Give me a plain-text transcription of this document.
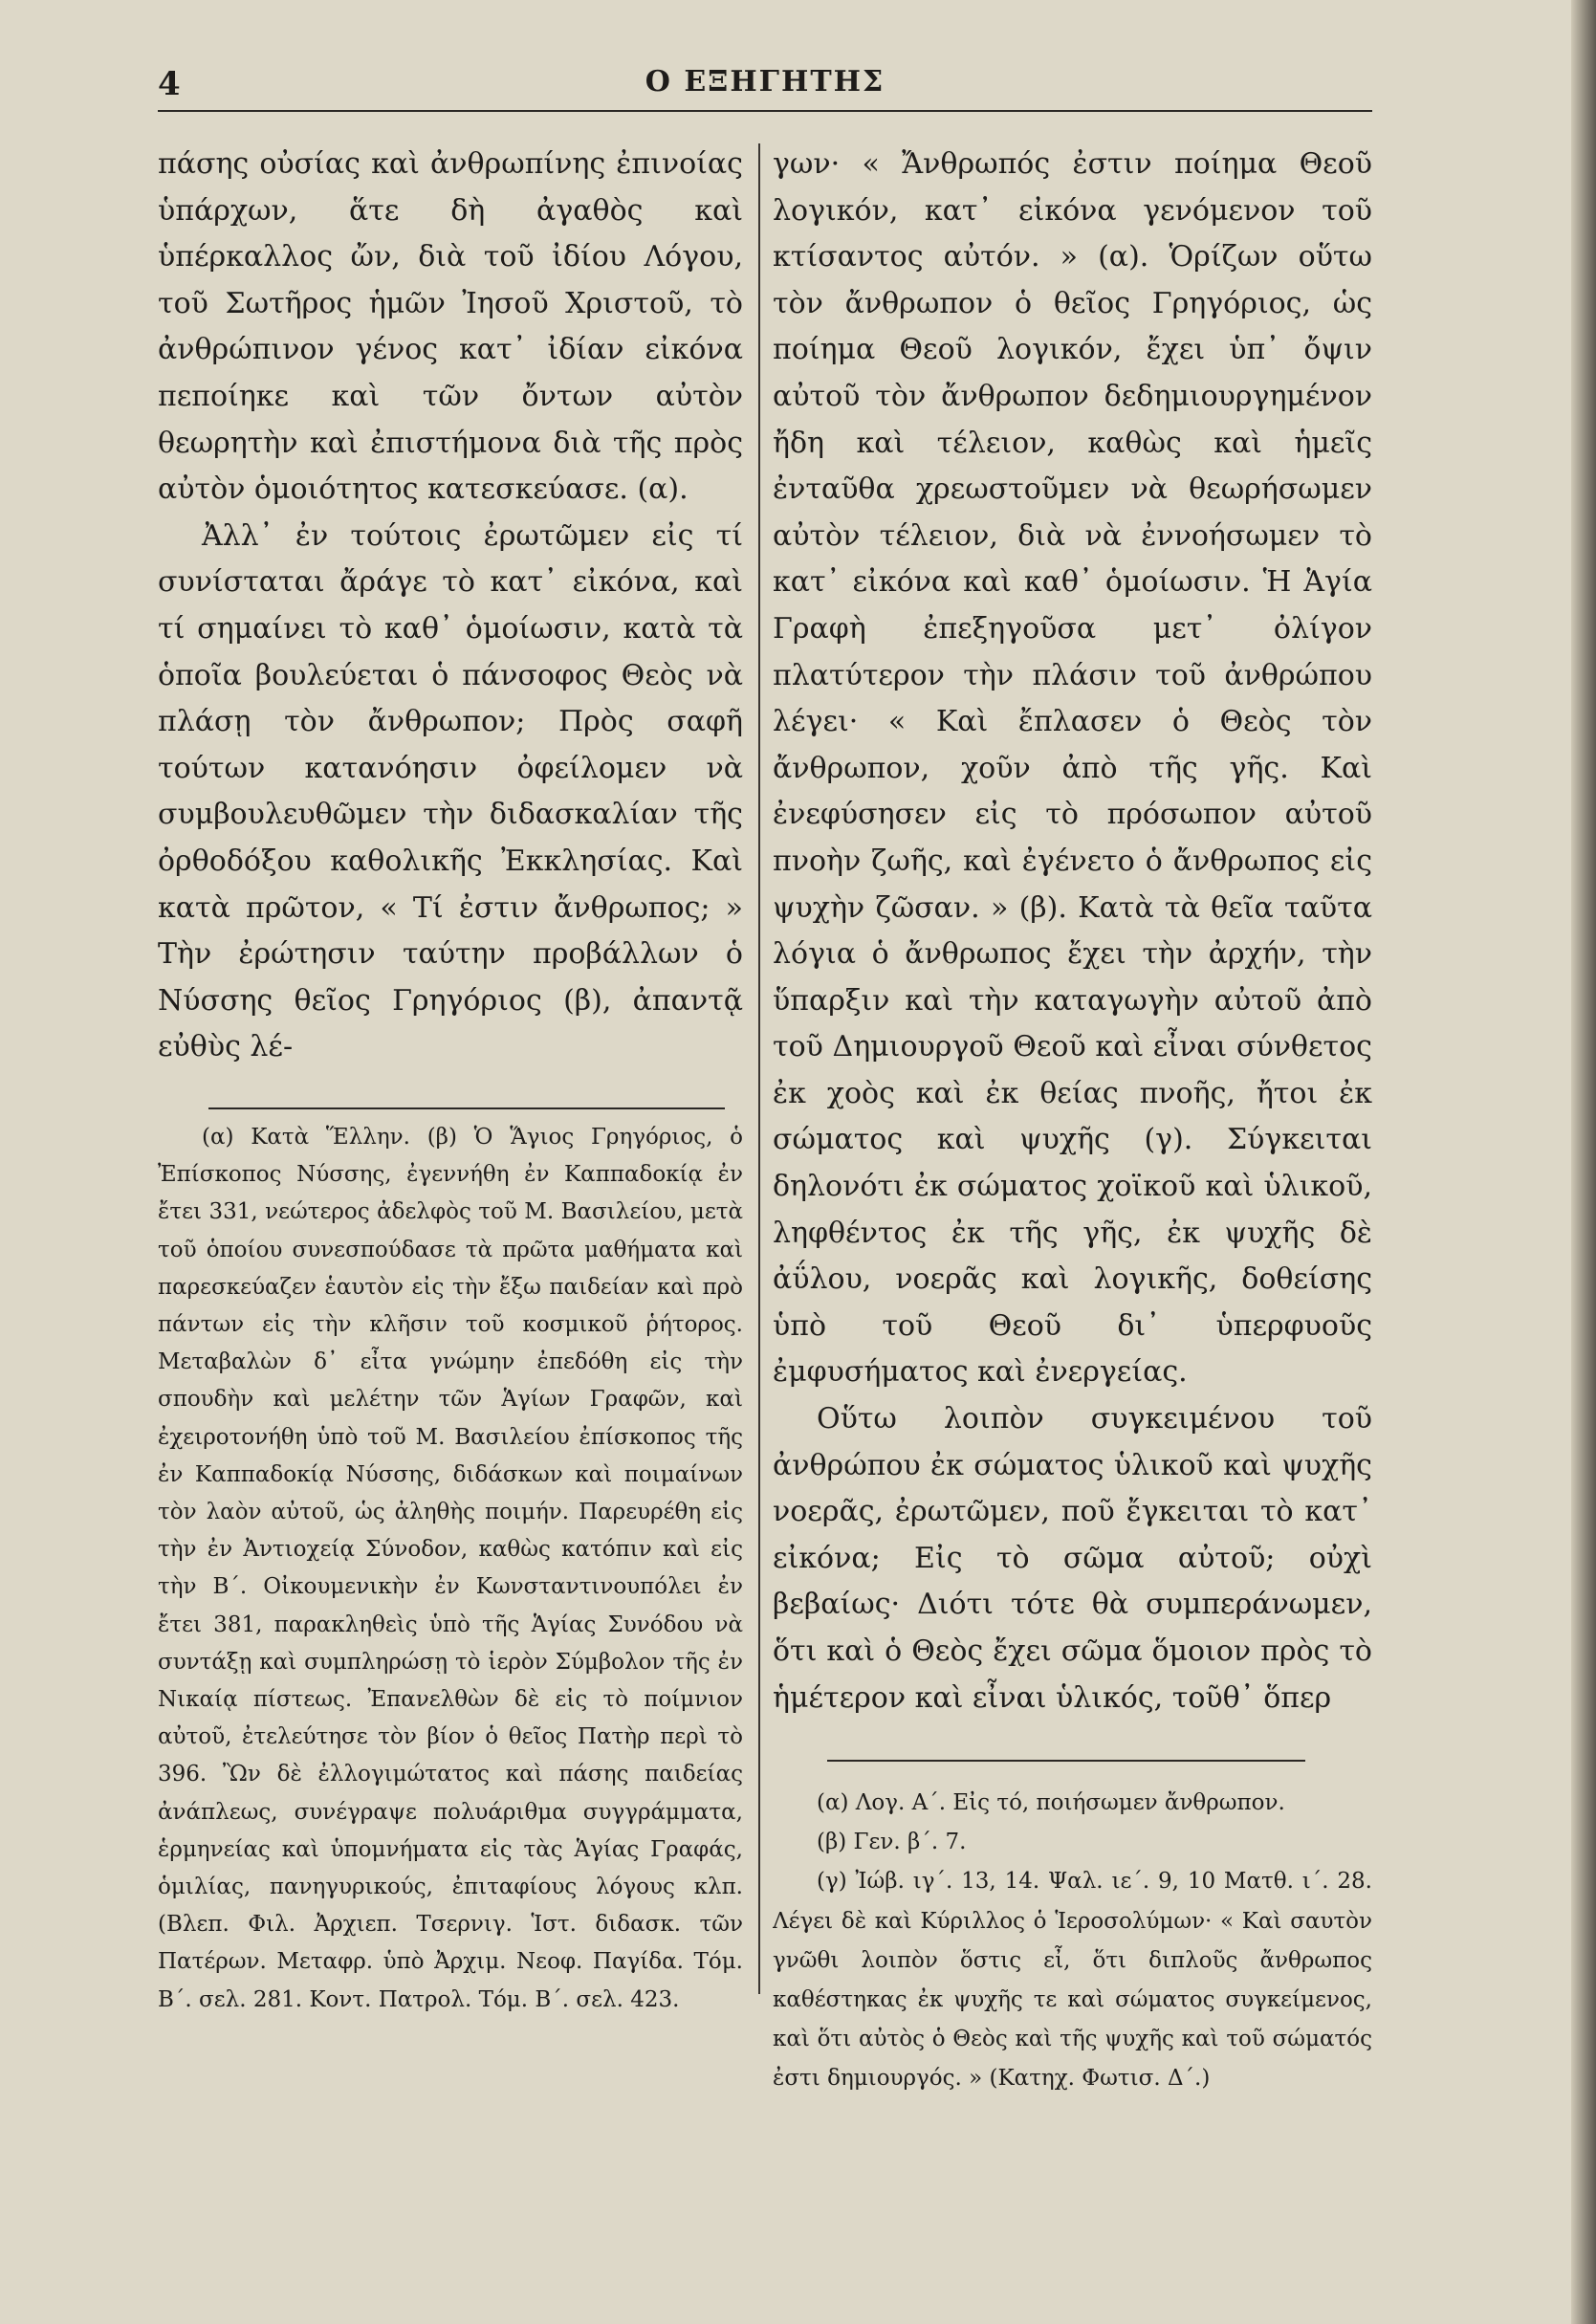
4	Ο ΕΞΗΓΗΤΗΣ

πάσης οὐσίας καὶ ἀνθρωπίνης ἐπινοίας ὑπάρχων, ἅτε δὴ ἀγαθὸς καὶ ὑπέρκαλλος ὤν, διὰ τοῦ ἰδίου Λόγου, τοῦ Σωτῆρος ἡμῶν Ἰησοῦ Χριστοῦ, τὸ ἀνθρώπινον γένος κατ᾽ ἰδίαν εἰκόνα πεποίηκε καὶ τῶν ὄντων αὐτὸν θεωρητὴν καὶ ἐπιστήμονα διὰ τῆς πρὸς αὐτὸν ὁμοιότητος κατεσκεύασε. (α).

Ἀλλ᾽ ἐν τούτοις ἐρωτῶμεν εἰς τί συνίσταται ἄράγε τὸ κατ᾽ εἰκόνα, καὶ τί σημαίνει τὸ καθ᾽ ὁμοίωσιν, κατὰ τὰ ὁποῖα βουλεύεται ὁ πάνσοφος Θεὸς νὰ πλάσῃ τὸν ἄνθρωπον; Πρὸς σαφῆ τούτων κατανόησιν ὀφείλομεν νὰ συμβουλευθῶμεν τὴν διδασκαλίαν τῆς ὀρθοδόξου καθολικῆς Ἐκκλησίας. Καὶ κατὰ πρῶτον, « Τί ἐστιν ἄνθρωπος; » Τὴν ἐρώτησιν ταύτην προβάλλων ὁ Νύσσης θεῖος Γρηγόριος (β), ἀπαντᾷ εὐθὺς λέ-

(α) Κατὰ Ἕλλην. (β) Ὁ Ἅγιος Γρηγόριος, ὁ Ἐπίσκοπος Νύσσης, ἐγεννήθη ἐν Καππαδοκίᾳ ἐν ἔτει 331, νεώτερος ἀδελφὸς τοῦ Μ. Βασιλείου, μετὰ τοῦ ὁποίου συνεσπούδασε τὰ πρῶτα μαθήματα καὶ παρεσκεύαζεν ἑαυτὸν εἰς τὴν ἔξω παιδείαν καὶ πρὸ πάντων εἰς τὴν κλῆσιν τοῦ κοσμικοῦ ῥήτορος. Μεταβαλὼν δ᾽ εἶτα γνώμην ἐπεδόθη εἰς τὴν σπουδὴν καὶ μελέτην τῶν Ἁγίων Γραφῶν, καὶ ἐχειροτονήθη ὑπὸ τοῦ Μ. Βασιλείου ἐπίσκοπος τῆς ἐν Καππαδοκίᾳ Νύσσης, διδάσκων καὶ ποιμαίνων τὸν λαὸν αὐτοῦ, ὡς ἀληθὴς ποιμήν. Παρευρέθη εἰς τὴν ἐν Ἀντιοχείᾳ Σύνοδον, καθὼς κατόπιν καὶ εἰς τὴν Β΄. Οἰκουμενικὴν ἐν Κωνσταντινουπόλει ἐν ἔτει 381, παρακληθεὶς ὑπὸ τῆς Ἁγίας Συνόδου νὰ συντάξῃ καὶ συμπληρώσῃ τὸ ἱερὸν Σύμβολον τῆς ἐν Νικαίᾳ πίστεως. Ἐπανελθὼν δὲ εἰς τὸ ποίμνιον αὐτοῦ, ἐτελεύτησε τὸν βίον ὁ θεῖος Πατὴρ περὶ τὸ 396. Ὢν δὲ ἐλλογιμώτατος καὶ πάσης παιδείας ἀνάπλεως, συνέγραψε πολυάριθμα συγγράμματα, ἑρμηνείας καὶ ὑπομνήματα εἰς τὰς Ἁγίας Γραφάς, ὁμιλίας, πανηγυρικούς, ἐπιταφίους λόγους κλπ. (Βλεπ. Φιλ. Ἀρχιεπ. Τσερνιγ. Ἱστ. διδασκ. τῶν Πατέρων. Μεταφρ. ὑπὸ Ἀρχιμ. Νεοφ. Παγίδα. Τόμ. Β΄. σελ. 281. Κοντ. Πατρολ. Τόμ. Β΄. σελ. 423.

γων· « Ἄνθρωπός ἐστιν ποίημα Θεοῦ λογικόν, κατ᾽ εἰκόνα γενόμενον τοῦ κτίσαντος αὐτόν. » (α). Ὁρίζων οὕτω τὸν ἄνθρωπον ὁ θεῖος Γρηγόριος, ὡς ποίημα Θεοῦ λογικόν, ἔχει ὑπ᾽ ὄψιν αὐτοῦ τὸν ἄνθρωπον δεδημιουργημένον ἤδη καὶ τέλειον, καθὼς καὶ ἡμεῖς ἐνταῦθα χρεωστοῦμεν νὰ θεωρήσωμεν αὐτὸν τέλειον, διὰ νὰ ἐννοήσωμεν τὸ κατ᾽ εἰκόνα καὶ καθ᾽ ὁμοίωσιν. Ἡ Ἁγία Γραφὴ ἐπεξηγοῦσα μετ᾽ ὀλίγον πλατύτερον τὴν πλάσιν τοῦ ἀνθρώπου λέγει· « Καὶ ἔπλασεν ὁ Θεὸς τὸν ἄνθρωπον, χοῦν ἀπὸ τῆς γῆς. Καὶ ἐνεφύσησεν εἰς τὸ πρόσωπον αὐτοῦ πνοὴν ζωῆς, καὶ ἐγένετο ὁ ἄνθρωπος εἰς ψυχὴν ζῶσαν. » (β). Κατὰ τὰ θεῖα ταῦτα λόγια ὁ ἄνθρωπος ἔχει τὴν ἀρχήν, τὴν ὕπαρξιν καὶ τὴν καταγωγὴν αὐτοῦ ἀπὸ τοῦ Δημιουργοῦ Θεοῦ καὶ εἶναι σύνθετος ἐκ χοὸς καὶ ἐκ θείας πνοῆς, ἤτοι ἐκ σώματος καὶ ψυχῆς (γ). Σύγκειται δηλονότι ἐκ σώματος χοϊκοῦ καὶ ὑλικοῦ, ληφθέντος ἐκ τῆς γῆς, ἐκ ψυχῆς δὲ ἀΰλου, νοερᾶς καὶ λογικῆς, δοθείσης ὑπὸ τοῦ Θεοῦ δι᾽ ὑπερφυοῦς ἐμφυσήματος καὶ ἐνεργείας.

Οὕτω λοιπὸν συγκειμένου τοῦ ἀνθρώπου ἐκ σώματος ὑλικοῦ καὶ ψυχῆς νοερᾶς, ἐρωτῶμεν, ποῦ ἔγκειται τὸ κατ᾽ εἰκόνα; Εἰς τὸ σῶμα αὐτοῦ; οὐχὶ βεβαίως· Διότι τότε θὰ συμπεράνωμεν, ὅτι καὶ ὁ Θεὸς ἔχει σῶμα ὅμοιον πρὸς τὸ ἡμέτερον καὶ εἶναι ὑλικός, τοῦθ᾽ ὅπερ

(α) Λογ. Α΄. Εἰς τό, ποιήσωμεν ἄνθρωπον.

(β) Γεν. β΄. 7.

(γ) Ἰώβ. ιγ΄. 13, 14. Ψαλ. ιε΄. 9, 10 Ματθ. ι΄. 28. Λέγει δὲ καὶ Κύριλλος ὁ Ἱεροσολύμων· « Καὶ σαυτὸν γνῶθι λοιπὸν ὅστις εἶ, ὅτι διπλοῦς ἄνθρωπος καθέστηκας ἐκ ψυχῆς τε καὶ σώματος συγκείμενος, καὶ ὅτι αὐτὸς ὁ Θεὸς καὶ τῆς ψυχῆς καὶ τοῦ σώματός ἐστι δημιουργός. » (Κατηχ. Φωτισ. Δ΄.)
